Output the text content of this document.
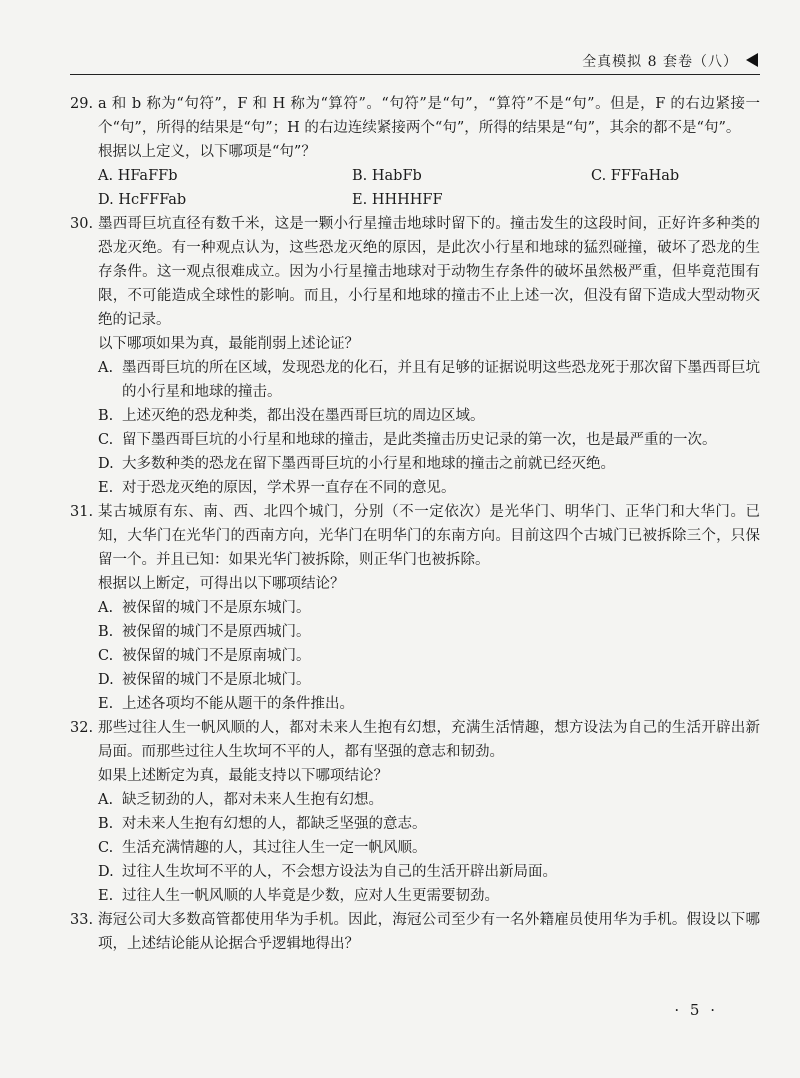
全真模拟 8 套卷（八）
29. a 和 b 称为“句符”，F 和 H 称为“算符”。“句符”是“句”，“算符”不是“句”。但是，F 的右边紧接一个“句”，所得的结果是“句”；H 的右边连续紧接两个“句”，所得的结果是“句”，其余的都不是“句”。
根据以上定义，以下哪项是“句”？
A. HFaFFb	B. HabFb	C. FFFaHab
D. HcFFFab	E. HHHHFF
30. 墨西哥巨坑直径有数千米，这是一颗小行星撞击地球时留下的。撞击发生的这段时间，正好许多种类的恐龙灭绝。有一种观点认为，这些恐龙灭绝的原因，是此次小行星和地球的猛烈碰撞，破坏了恐龙的生存条件。这一观点很难成立。因为小行星撞击地球对于动物生存条件的破坏虽然极严重，但毕竟范围有限，不可能造成全球性的影响。而且，小行星和地球的撞击不止上述一次，但没有留下造成大型动物灭绝的记录。
以下哪项如果为真，最能削弱上述论证？
A. 墨西哥巨坑的所在区域，发现恐龙的化石，并且有足够的证据说明这些恐龙死于那次留下墨西哥巨坑的小行星和地球的撞击。
B. 上述灭绝的恐龙种类，都出没在墨西哥巨坑的周边区域。
C. 留下墨西哥巨坑的小行星和地球的撞击，是此类撞击历史记录的第一次，也是最严重的一次。
D. 大多数种类的恐龙在留下墨西哥巨坑的小行星和地球的撞击之前就已经灭绝。
E. 对于恐龙灭绝的原因，学术界一直存在不同的意见。
31. 某古城原有东、南、西、北四个城门，分别（不一定依次）是光华门、明华门、正华门和大华门。已知，大华门在光华门的西南方向，光华门在明华门的东南方向。目前这四个古城门已被拆除三个，只保留一个。并且已知：如果光华门被拆除，则正华门也被拆除。
根据以上断定，可得出以下哪项结论？
A. 被保留的城门不是原东城门。
B. 被保留的城门不是原西城门。
C. 被保留的城门不是原南城门。
D. 被保留的城门不是原北城门。
E. 上述各项均不能从题干的条件推出。
32. 那些过往人生一帆风顺的人，都对未来人生抱有幻想，充满生活情趣，想方设法为自己的生活开辟出新局面。而那些过往人生坎坷不平的人，都有坚强的意志和韧劲。
如果上述断定为真，最能支持以下哪项结论？
A. 缺乏韧劲的人，都对未来人生抱有幻想。
B. 对未来人生抱有幻想的人，都缺乏坚强的意志。
C. 生活充满情趣的人，其过往人生一定一帆风顺。
D. 过往人生坎坷不平的人，不会想方设法为自己的生活开辟出新局面。
E. 过往人生一帆风顺的人毕竟是少数，应对人生更需要韧劲。
33. 海冠公司大多数高管都使用华为手机。因此，海冠公司至少有一名外籍雇员使用华为手机。假设以下哪项，上述结论能从论据合乎逻辑地得出？
· 5 ·
